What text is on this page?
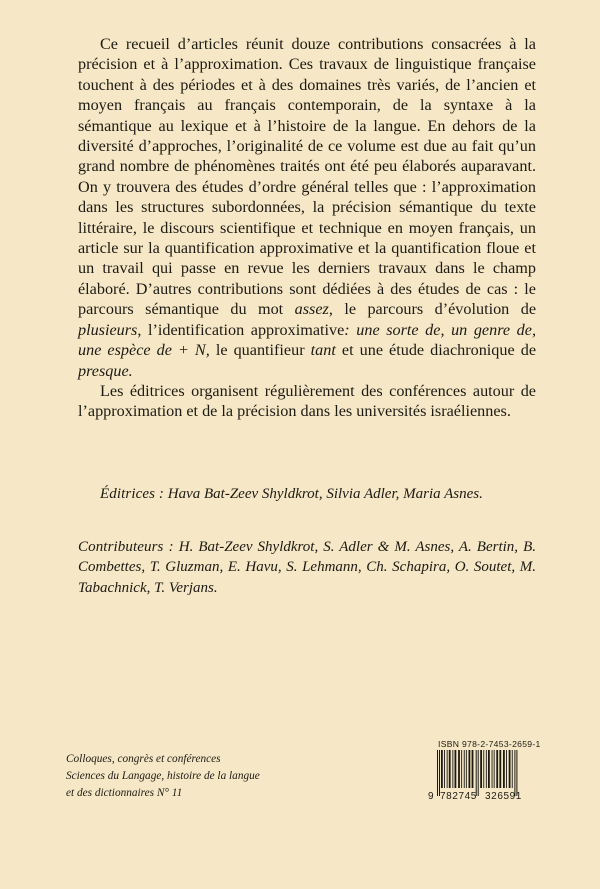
Ce recueil d’articles réunit douze contributions consacrées à la précision et à l’approximation. Ces travaux de linguistique française touchent à des périodes et à des domaines très variés, de l’ancien et moyen français au français contemporain, de la syntaxe à la sémantique au lexique et à l’histoire de la langue. En dehors de la diversité d’approches, l’originalité de ce volume est due au fait qu’un grand nombre de phénomènes traités ont été peu élaborés auparavant. On y trouvera des études d’ordre général telles que : l’approximation dans les structures subordonnées, la précision sémantique du texte littéraire, le discours scientifique et technique en moyen français, un article sur la quantification approximative et la quantification floue et un travail qui passe en revue les derniers travaux dans le champ élaboré. D’autres contributions sont dédiées à des études de cas : le parcours sémantique du mot assez, le parcours d’évolution de plusieurs, l’identification approximative: une sorte de, un genre de, une espèce de + N, le quantifieur tant et une étude diachronique de presque.

Les éditrices organisent régulièrement des conférences autour de l’approximation et de la précision dans les universités israéliennes.

Éditrices : Hava Bat-Zeev Shyldkrot, Silvia Adler, Maria Asnes.

Contributeurs : H. Bat-Zeev Shyldkrot, S. Adler & M. Asnes, A. Bertin, B. Combettes, T. Gluzman, E. Havu, S. Lehmann, Ch. Schapira, O. Soutet, M. Tabachnick, T. Verjans.

Colloques, congrès et conférences
Sciences du Langage, histoire de la langue
et des dictionnaires N° 11
ISBN 978-2-7453-2659-1
9 782745 326591
